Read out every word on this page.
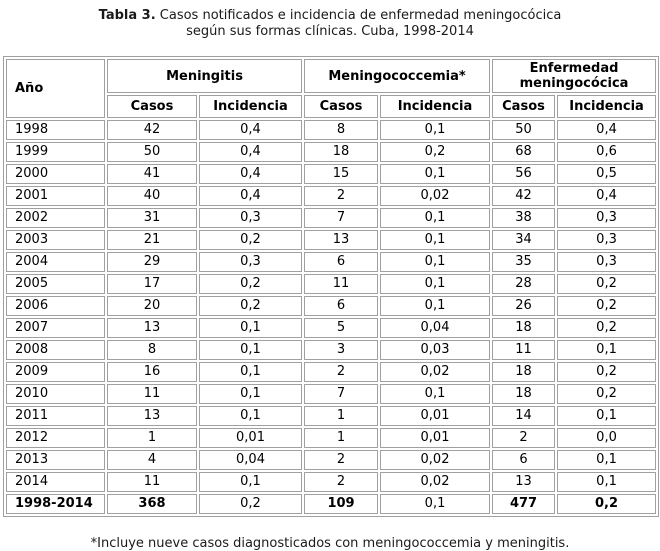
Tabla 3. Casos notificados e incidencia de enfermedad meningocócica
según sus formas clínicas. Cuba, 1998-2014
Año	Meningitis		Meningococcemia*		Enfermedad meningocócica	
	Casos	Incidencia	Casos	Incidencia	Casos	Incidencia
1998	42	0,4	8	0,1	50	0,4
1999	50	0,4	18	0,2	68	0,6
2000	41	0,4	15	0,1	56	0,5
2001	40	0,4	2	0,02	42	0,4
2002	31	0,3	7	0,1	38	0,3
2003	21	0,2	13	0,1	34	0,3
2004	29	0,3	6	0,1	35	0,3
2005	17	0,2	11	0,1	28	0,2
2006	20	0,2	6	0,1	26	0,2
2007	13	0,1	5	0,04	18	0,2
2008	8	0,1	3	0,03	11	0,1
2009	16	0,1	2	0,02	18	0,2
2010	11	0,1	7	0,1	18	0,2
2011	13	0,1	1	0,01	14	0,1
2012	1	0,01	1	0,01	2	0,0
2013	4	0,04	2	0,02	6	0,1
2014	11	0,1	2	0,02	13	0,1
1998-2014	368	0,2	109	0,1	477	0,2
*Incluye nueve casos diagnosticados con meningococcemia y meningitis.
